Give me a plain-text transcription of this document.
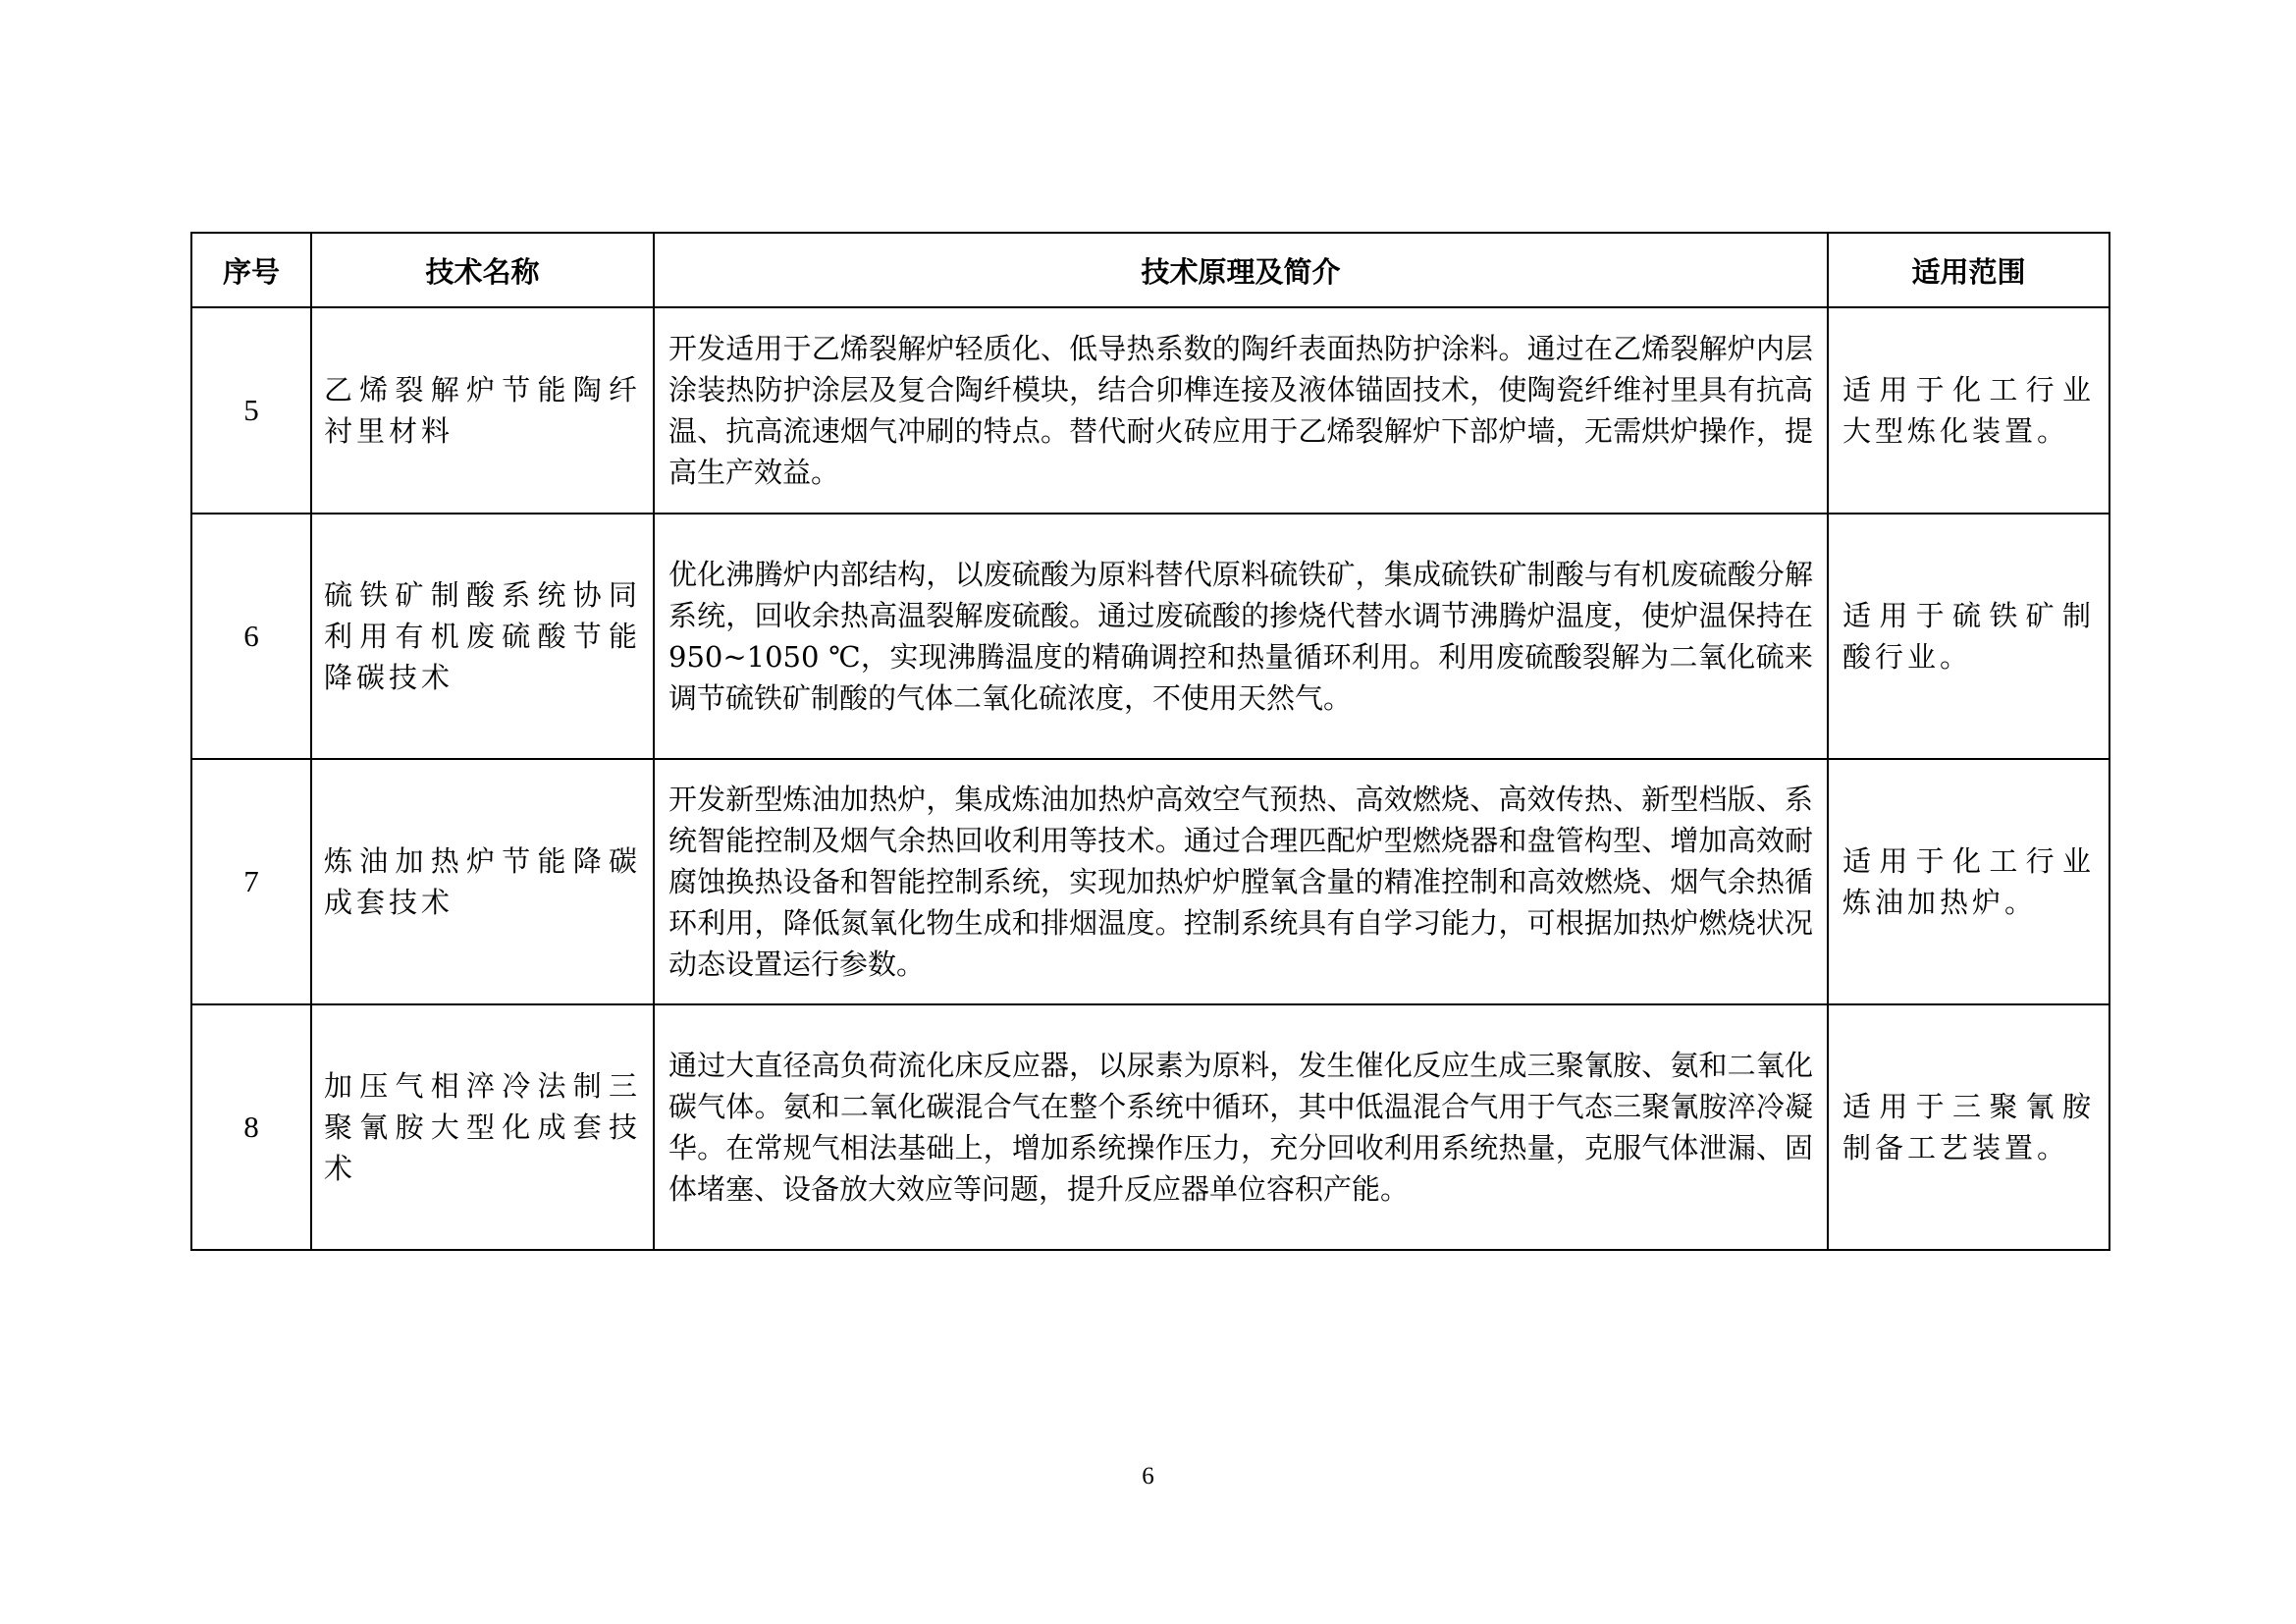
序号	技术名称	技术原理及简介	适用范围
5	乙烯裂解炉节能陶纤衬里材料	开发适用于乙烯裂解炉轻质化、低导热系数的陶纤表面热防护涂料。通过在乙烯裂解炉内层涂装热防护涂层及复合陶纤模块，结合卯榫连接及液体锚固技术，使陶瓷纤维衬里具有抗高温、抗高流速烟气冲刷的特点。替代耐火砖应用于乙烯裂解炉下部炉墙，无需烘炉操作，提高生产效益。	适用于化工行业大型炼化装置。
6	硫铁矿制酸系统协同利用有机废硫酸节能降碳技术	优化沸腾炉内部结构，以废硫酸为原料替代原料硫铁矿，集成硫铁矿制酸与有机废硫酸分解系统，回收余热高温裂解废硫酸。通过废硫酸的掺烧代替水调节沸腾炉温度，使炉温保持在 950~1050 ℃，实现沸腾温度的精确调控和热量循环利用。利用废硫酸裂解为二氧化硫来调节硫铁矿制酸的气体二氧化硫浓度，不使用天然气。	适用于硫铁矿制酸行业。
7	炼油加热炉节能降碳成套技术	开发新型炼油加热炉，集成炼油加热炉高效空气预热、高效燃烧、高效传热、新型档版、系统智能控制及烟气余热回收利用等技术。通过合理匹配炉型燃烧器和盘管构型、增加高效耐腐蚀换热设备和智能控制系统，实现加热炉炉膛氧含量的精准控制和高效燃烧、烟气余热循环利用，降低氮氧化物生成和排烟温度。控制系统具有自学习能力，可根据加热炉燃烧状况动态设置运行参数。	适用于化工行业炼油加热炉。
8	加压气相淬冷法制三聚氰胺大型化成套技术	通过大直径高负荷流化床反应器，以尿素为原料，发生催化反应生成三聚氰胺、氨和二氧化碳气体。氨和二氧化碳混合气在整个系统中循环，其中低温混合气用于气态三聚氰胺淬冷凝华。在常规气相法基础上，增加系统操作压力，充分回收利用系统热量，克服气体泄漏、固体堵塞、设备放大效应等问题，提升反应器单位容积产能。	适用于三聚氰胺制备工艺装置。
6
